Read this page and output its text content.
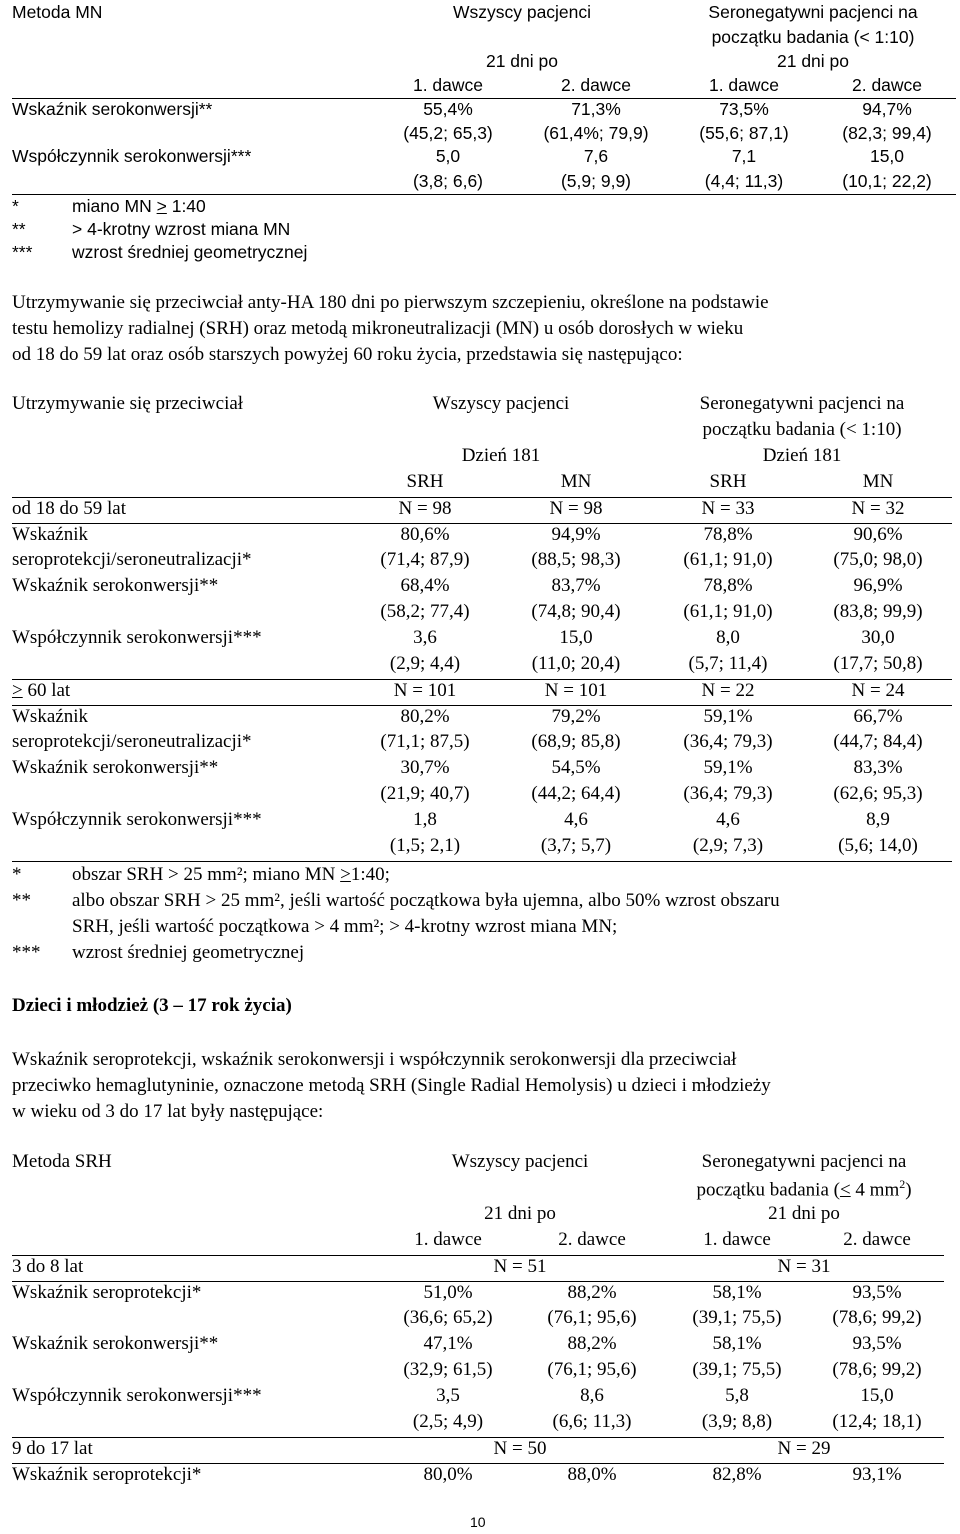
Metoda MN	Wszyscy pacjenci		Seronegatywni pacjenci na	
			początku badania (< 1:10)	
	21 dni po		21 dni po	
	1. dawce	2. dawce	1. dawce	2. dawce
Wskaźnik serokonwersji**	55,4%	71,3%	73,5%	94,7%
	(45,2; 65,3)	(61,4%; 79,9)	(55,6; 87,1)	(82,3; 99,4)
Współczynnik serokonwersji***	5,0	7,6	7,1	15,0
	(3,8; 6,6)	(5,9; 9,9)	(4,4; 11,3)	(10,1; 22,2)
*	miano MN > 1:40
**	> 4-krotny wzrost miana MN
*** wzrost średniej geometrycznej
Utrzymywanie się przeciwciał anty-HA 180 dni po pierwszym szczepieniu, określone na podstawie
testu hemolizy radialnej (SRH) oraz metodą mikroneutralizacji (MN) u osób dorosłych w wieku
od 18 do 59 lat oraz osób starszych powyżej 60 roku życia, przedstawia się następująco:
Utrzymywanie się przeciwciał	Wszyscy pacjenci		Seronegatywni pacjenci na	
			początku badania (< 1:10)	
	Dzień 181		Dzień 181	
	SRH	MN	SRH	MN
od 18 do 59 lat	N = 98	N = 98	N = 33	N = 32
Wskaźnik	80,6%	94,9%	78,8%	90,6%
seroprotekcji/seroneutralizacji*	(71,4; 87,9)	(88,5; 98,3)	(61,1; 91,0)	(75,0; 98,0)
Wskaźnik serokonwersji**	68,4%	83,7%	78,8%	96,9%
	(58,2; 77,4)	(74,8; 90,4)	(61,1; 91,0)	(83,8; 99,9)
Współczynnik serokonwersji***	3,6	15,0	8,0	30,0
	(2,9; 4,4)	(11,0; 20,4)	(5,7; 11,4)	(17,7; 50,8)
> 60 lat	N = 101	N = 101	N = 22	N = 24
Wskaźnik	80,2%	79,2%	59,1%	66,7%
seroprotekcji/seroneutralizacji*	(71,1; 87,5)	(68,9; 85,8)	(36,4; 79,3)	(44,7; 84,4)
Wskaźnik serokonwersji**	30,7%	54,5%	59,1%	83,3%
	(21,9; 40,7)	(44,2; 64,4)	(36,4; 79,3)	(62,6; 95,3)
Współczynnik serokonwersji***	1,8	4,6	4,6	8,9
	(1,5; 2,1)	(3,7; 5,7)	(2,9; 7,3)	(5,6; 14,0)
*	obszar SRH > 25 mm²; miano MN >1:40;
** albo obszar SRH > 25 mm², jeśli wartość początkowa była ujemna, albo 50% wzrost obszaru
SRH, jeśli wartość początkowa > 4 mm²; > 4-krotny wzrost miana MN;
*** wzrost średniej geometrycznej
Dzieci i młodzież (3 – 17 rok życia)
Wskaźnik seroprotekcji, wskaźnik serokonwersji i współczynnik serokonwersji dla przeciwciał
przeciwko hemaglutyninie, oznaczone metodą SRH (Single Radial Hemolysis) u dzieci i młodzieży
w wieku od 3 do 17 lat były następujące:
Metoda SRH	Wszyscy pacjenci		Seronegatywni pacjenci na	
			początku badania (< 4 $mm^2$)	
	21 dni po		21 dni po	
	1. dawce	2. dawce	1. dawce	2. dawce
3 do 8 lat	N = 51		N = 31	
Wskaźnik seroprotekcji*	51,0%	88,2%	58,1%	93,5%
	(36,6; 65,2)	(76,1; 95,6)	(39,1; 75,5)	(78,6; 99,2)
Wskaźnik serokonwersji**	47,1%	88,2%	58,1%	93,5%
	(32,9; 61,5)	(76,1; 95,6)	(39,1; 75,5)	(78,6; 99,2)
Współczynnik serokonwersji***	3,5	8,6	5,8	15,0
	(2,5; 4,9)	(6,6; 11,3)	(3,9; 8,8)	(12,4; 18,1)
9 do 17 lat	N = 50		N = 29	
Wskaźnik seroprotekcji*	80,0%	88,0%	82,8%	93,1%
10
